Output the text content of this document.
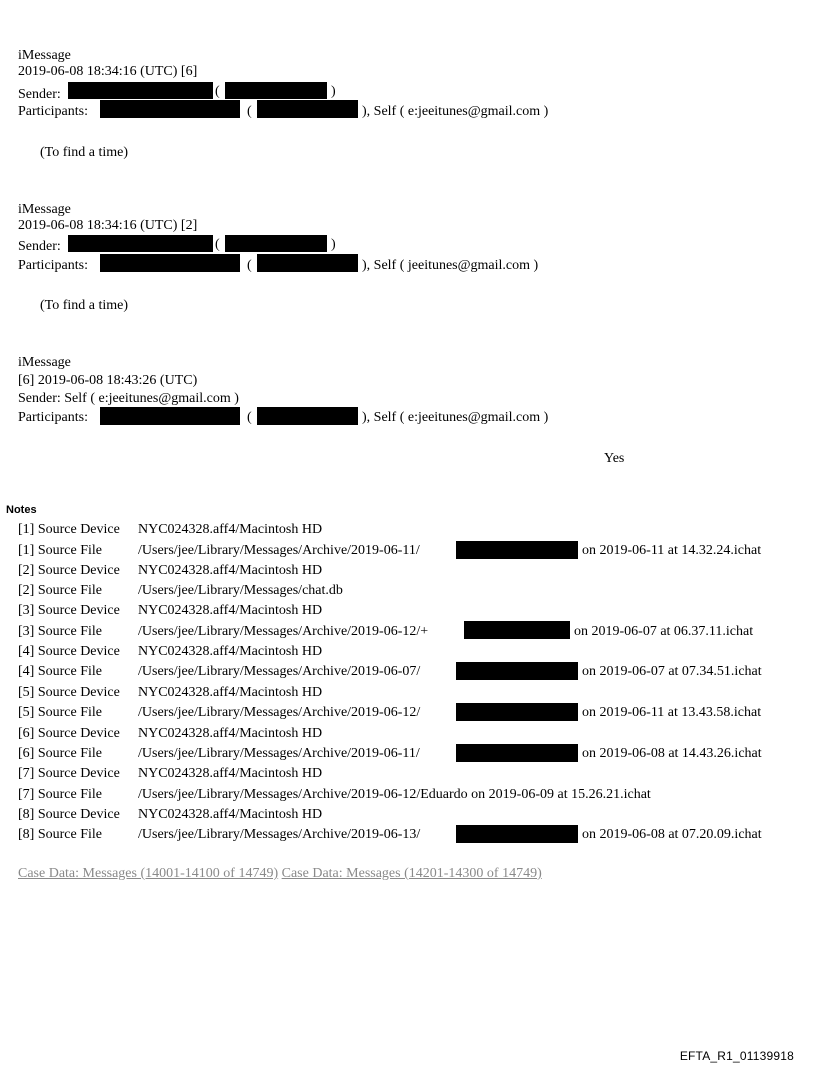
iMessage
2019-06-08 18:34:16 (UTC) [6]
Sender:	(	)
Participants:	(	), Self ( e:jeeitunes@gmail.com )
(To find a time)
iMessage
2019-06-08 18:34:16 (UTC) [2]
Sender:	(	)
Participants:	(	), Self ( jeeitunes@gmail.com )
(To find a time)
iMessage
[6] 2019-06-08 18:43:26 (UTC)
Sender: Self ( e:jeeitunes@gmail.com )
Participants:	(	), Self ( e:jeeitunes@gmail.com )
Yes
Notes
[1] Source Device NYC024328.aff4/Macintosh HD
[1] Source File	/Users/jee/Library/Messages/Archive/2019-06-11/	on 2019-06-11 at 14.32.24.ichat
[2] Source Device NYC024328.aff4/Macintosh HD
[2] Source File	/Users/jee/Library/Messages/chat.db
[3] Source Device NYC024328.aff4/Macintosh HD
[3] Source File	/Users/jee/Library/Messages/Archive/2019-06-12/+	on 2019-06-07 at 06.37.11.ichat
[4] Source Device NYC024328.aff4/Macintosh HD
[4] Source File	/Users/jee/Library/Messages/Archive/2019-06-07/	on 2019-06-07 at 07.34.51.ichat
[5] Source Device NYC024328.aff4/Macintosh HD
[5] Source File	/Users/jee/Library/Messages/Archive/2019-06-12/	on 2019-06-11 at 13.43.58.ichat
[6] Source Device NYC024328.aff4/Macintosh HD
[6] Source File	/Users/jee/Library/Messages/Archive/2019-06-11/	on 2019-06-08 at 14.43.26.ichat
[7] Source Device NYC024328.aff4/Macintosh HD
[7] Source File	/Users/jee/Library/Messages/Archive/2019-06-12/Eduardo on 2019-06-09 at 15.26.21.ichat
[8] Source Device NYC024328.aff4/Macintosh HD
[8] Source File	/Users/jee/Library/Messages/Archive/2019-06-13/	on 2019-06-08 at 07.20.09.ichat
Case Data: Messages (14001-14100 of 14749) Case Data: Messages (14201-14300 of 14749)
EFTA_R1_01139918
